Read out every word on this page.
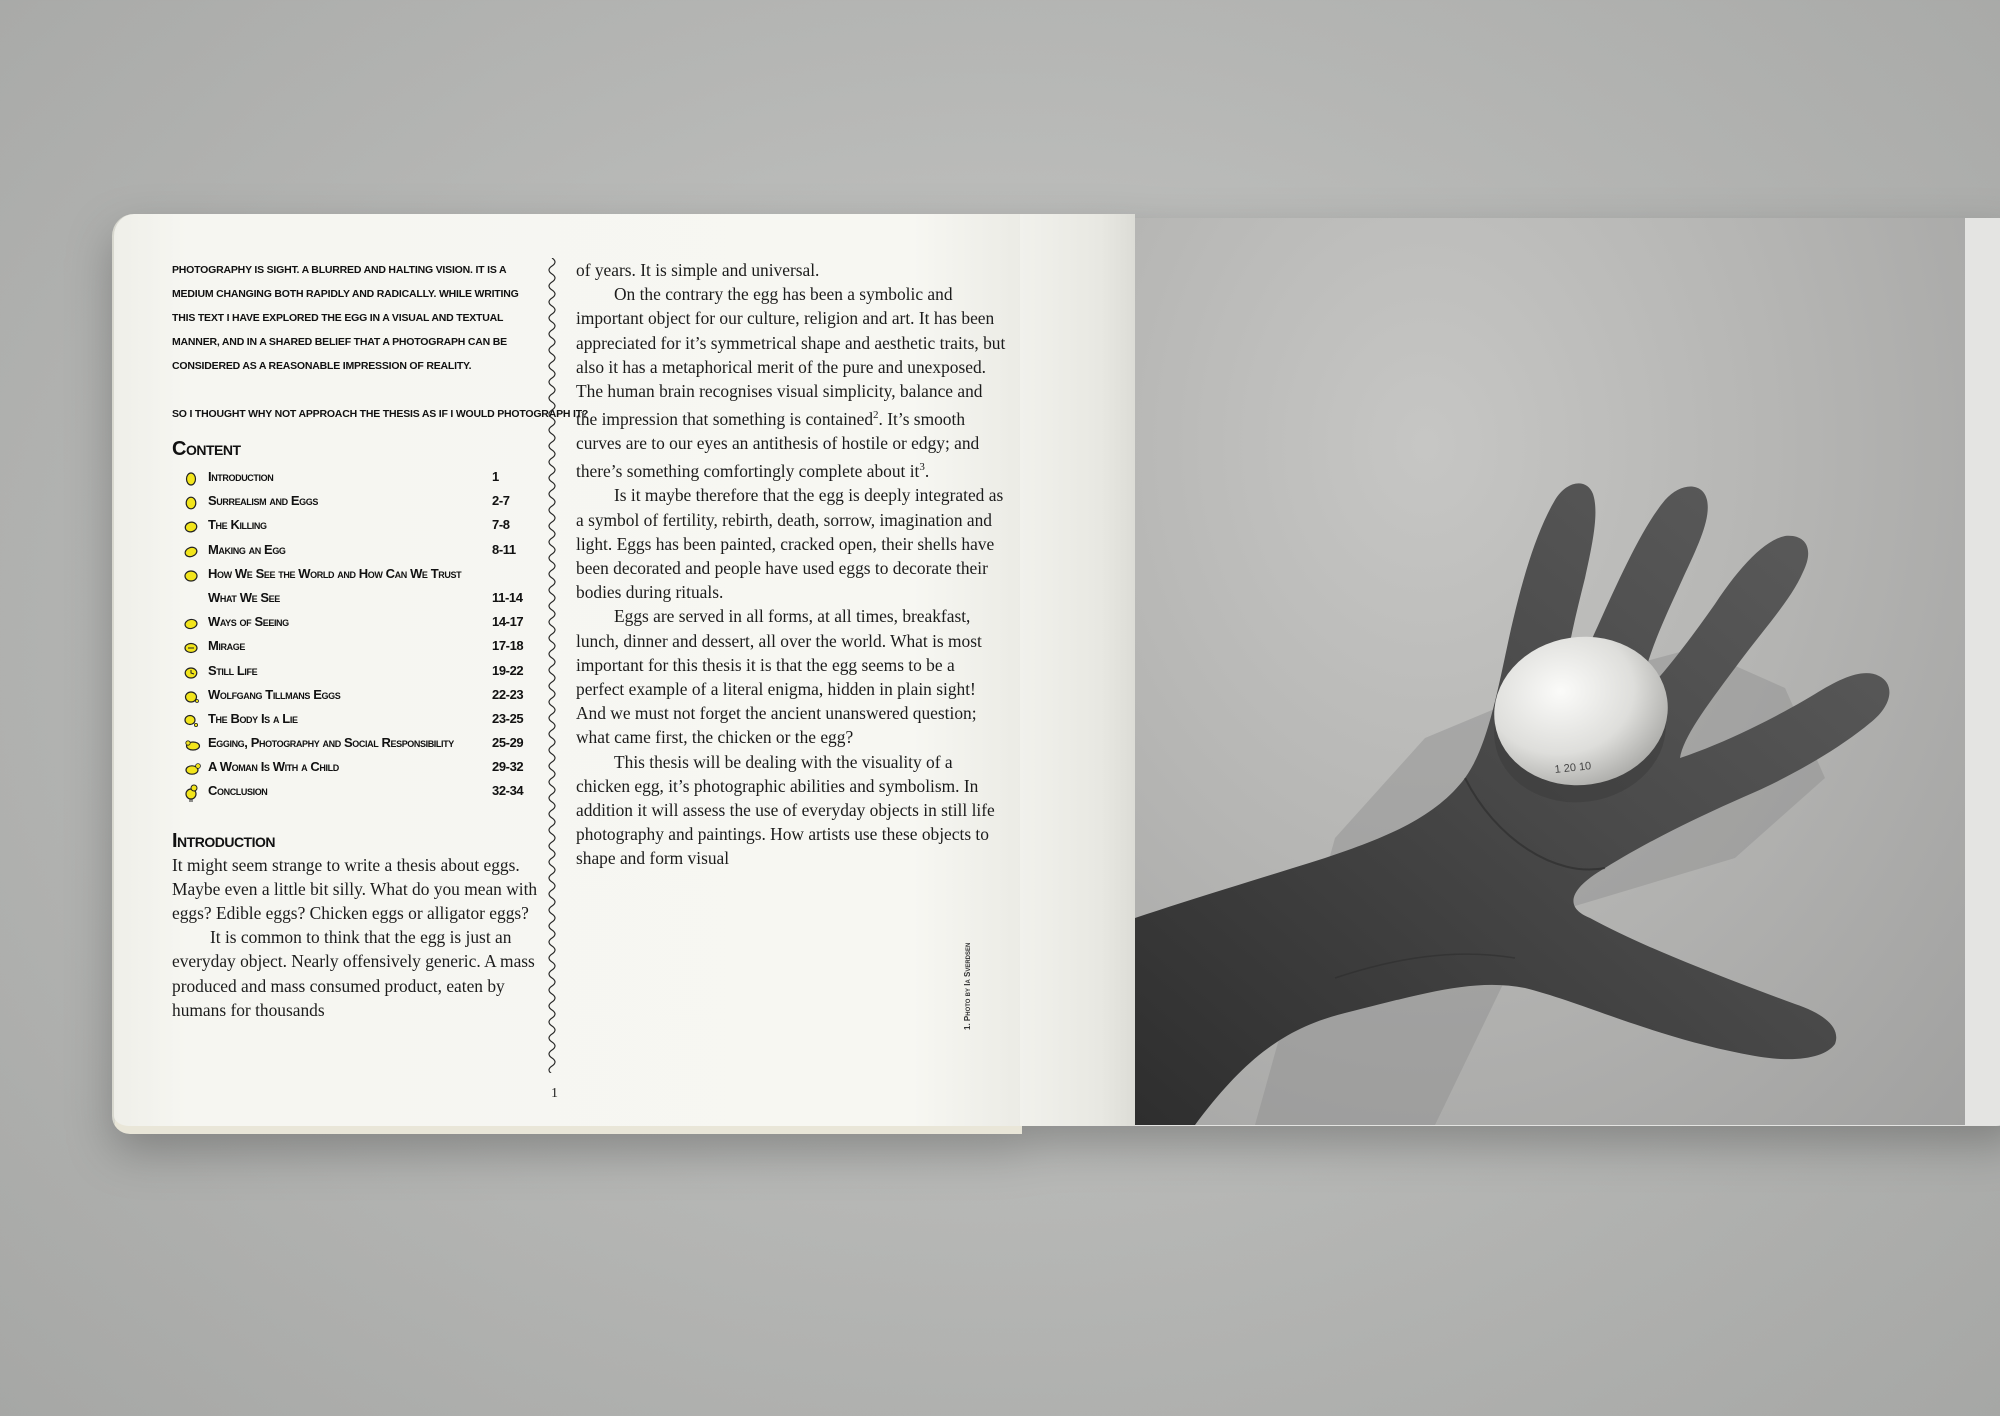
PHOTOGRAPHY IS SIGHT. A BLURRED AND HALTING VISION. IT IS A MEDIUM CHANGING BOTH RAPIDLY AND RADICALLY. WHILE WRITING THIS TEXT I HAVE EXPLORED THE EGG IN A VISUAL AND TEXTUAL MANNER, AND IN A SHARED BELIEF THAT A PHOTOGRAPH CAN BE CONSIDERED AS A REASONABLE IMPRESSION OF REALITY.

SO I THOUGHT WHY NOT APPROACH THE THESIS AS IF I WOULD PHOTOGRAPH IT?

Content
Introduction	1
Surrealism and Eggs	2-7
The Killing	7-8
Making an Egg	8-11
How We See the World and How Can We Trust
What We See	11-14
Ways of Seeing	14-17
Mirage	17-18
Still Life	19-22
Wolfgang Tillmans Eggs	22-23
The Body Is a Lie	23-25
Egging, Photography and Social Responsibility	25-29
A Woman Is With a Child	29-32
Conclusion	32-34
Introduction

It might seem strange to write a thesis about eggs. Maybe even a little bit silly. What do you mean with eggs? Edible eggs? Chicken eggs or alligator eggs?

It is common to think that the egg is just an everyday object. Nearly offensively generic. A mass produced and mass consumed product, eaten by humans for thousands

of years. It is simple and universal.

On the contrary the egg has been a symbolic and important object for our culture, religion and art. It has been appreciated for it’s symmetrical shape and aesthetic traits, but also it has a metaphorical merit of the pure and unexposed. The human brain recognises visual simplicity, balance and the impression that something is contained$^2$. It’s smooth curves are to our eyes an antithesis of hostile or edgy; and there’s something comfortingly complete about $it^3$.

Is it maybe therefore that the egg is deeply integrated as a symbol of fertility, rebirth, death, sorrow, imagination and light. Eggs has been painted, cracked open, their shells have been decorated and people have used eggs to decorate their bodies during rituals.

Eggs are served in all forms, at all times, breakfast, lunch, dinner and dessert, all over the world. What is most important for this thesis it is that the egg seems to be a perfect example of a literal enigma, hidden in plain sight! And we must not forget the ancient unanswered question; what came first, the chicken or the egg?

This thesis will be dealing with the visuality of a chicken egg, it’s photographic abilities and symbolism. In addition it will assess the use of everyday objects in still life photography and paintings. How artists use these objects to shape and form visual

1
1 20 10
1. Photo by Ia Sverdsen
